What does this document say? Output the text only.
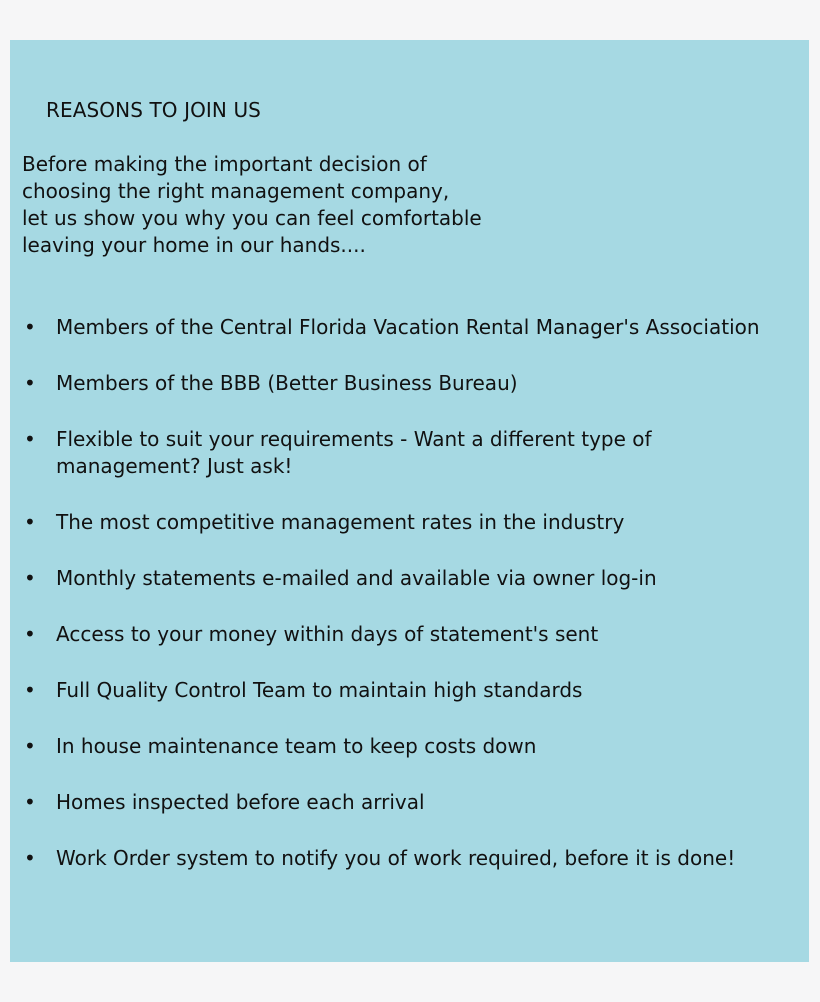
REASONS TO JOIN US
Before making the important decision of
choosing the right management company,
let us show you why you can feel comfortable
leaving your home in our hands....
• Members of the Central Florida Vacation Rental Manager's Association
• Members of the BBB (Better Business Bureau)
•	Flexible to suit your requirements - Want a different type of management? Just ask!
• The most competitive management rates in the industry
• Monthly statements e-mailed and available via owner log-in
• Access to your money within days of statement's sent
• Full Quality Control Team to maintain high standards
• In house maintenance team to keep costs down
• Homes inspected before each arrival
• Work Order system to notify you of work required, before it is done!
